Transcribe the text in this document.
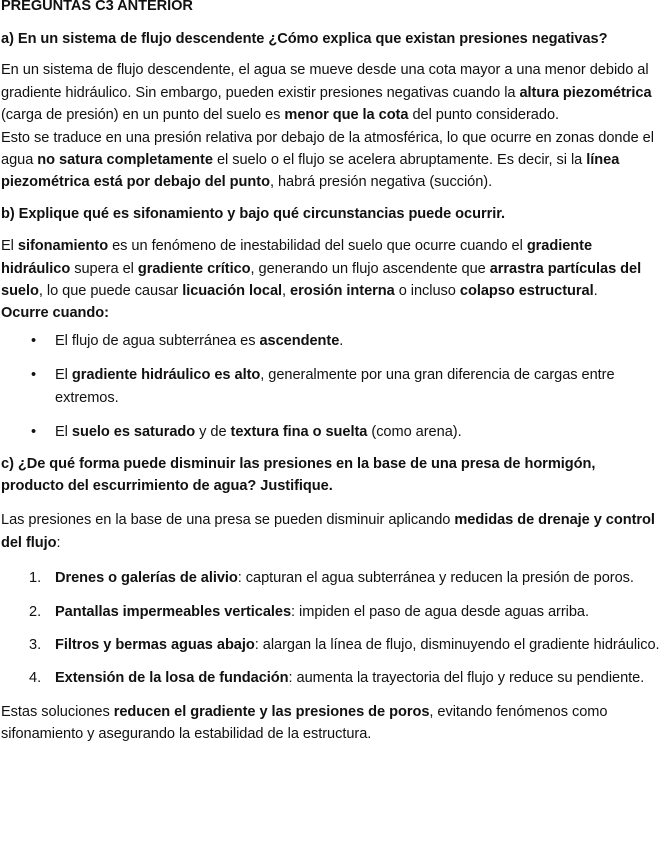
PREGUNTAS C3 ANTERIOR

a) En un sistema de flujo descendente ¿Cómo explica que existan presiones negativas?

En un sistema de flujo descendente, el agua se mueve desde una cota mayor a una menor debido al gradiente hidráulico. Sin embargo, pueden existir presiones negativas cuando la altura piezométrica (carga de presión) en un punto del suelo es menor que la cota del punto considerado.

Esto se traduce en una presión relativa por debajo de la atmosférica, lo que ocurre en zonas donde el agua no satura completamente el suelo o el flujo se acelera abruptamente. Es decir, si la línea piezométrica está por debajo del punto, habrá presión negativa (succión).

b) Explique qué es sifonamiento y bajo qué circunstancias puede ocurrir.

El sifonamiento es un fenómeno de inestabilidad del suelo que ocurre cuando el gradiente hidráulico supera el gradiente crítico, generando un flujo ascendente que arrastra partículas del suelo, lo que puede causar licuación local, erosión interna o incluso colapso estructural.

Ocurre cuando:

• El flujo de agua subterránea es ascendente.
• El gradiente hidráulico es alto, generalmente por una gran diferencia de cargas entre extremos.
• El suelo es saturado y de textura fina o suelta (como arena).

c) ¿De qué forma puede disminuir las presiones en la base de una presa de hormigón, producto del escurrimiento de agua? Justifique.

Las presiones en la base de una presa se pueden disminuir aplicando medidas de drenaje y control del flujo:

1. Drenes o galerías de alivio: capturan el agua subterránea y reducen la presión de poros.
2. Pantallas impermeables verticales: impiden el paso de agua desde aguas arriba.
3. Filtros y bermas aguas abajo: alargan la línea de flujo, disminuyendo el gradiente hidráulico.
4. Extensión de la losa de fundación: aumenta la trayectoria del flujo y reduce su pendiente.

Estas soluciones reducen el gradiente y las presiones de poros, evitando fenómenos como sifonamiento y asegurando la estabilidad de la estructura.
